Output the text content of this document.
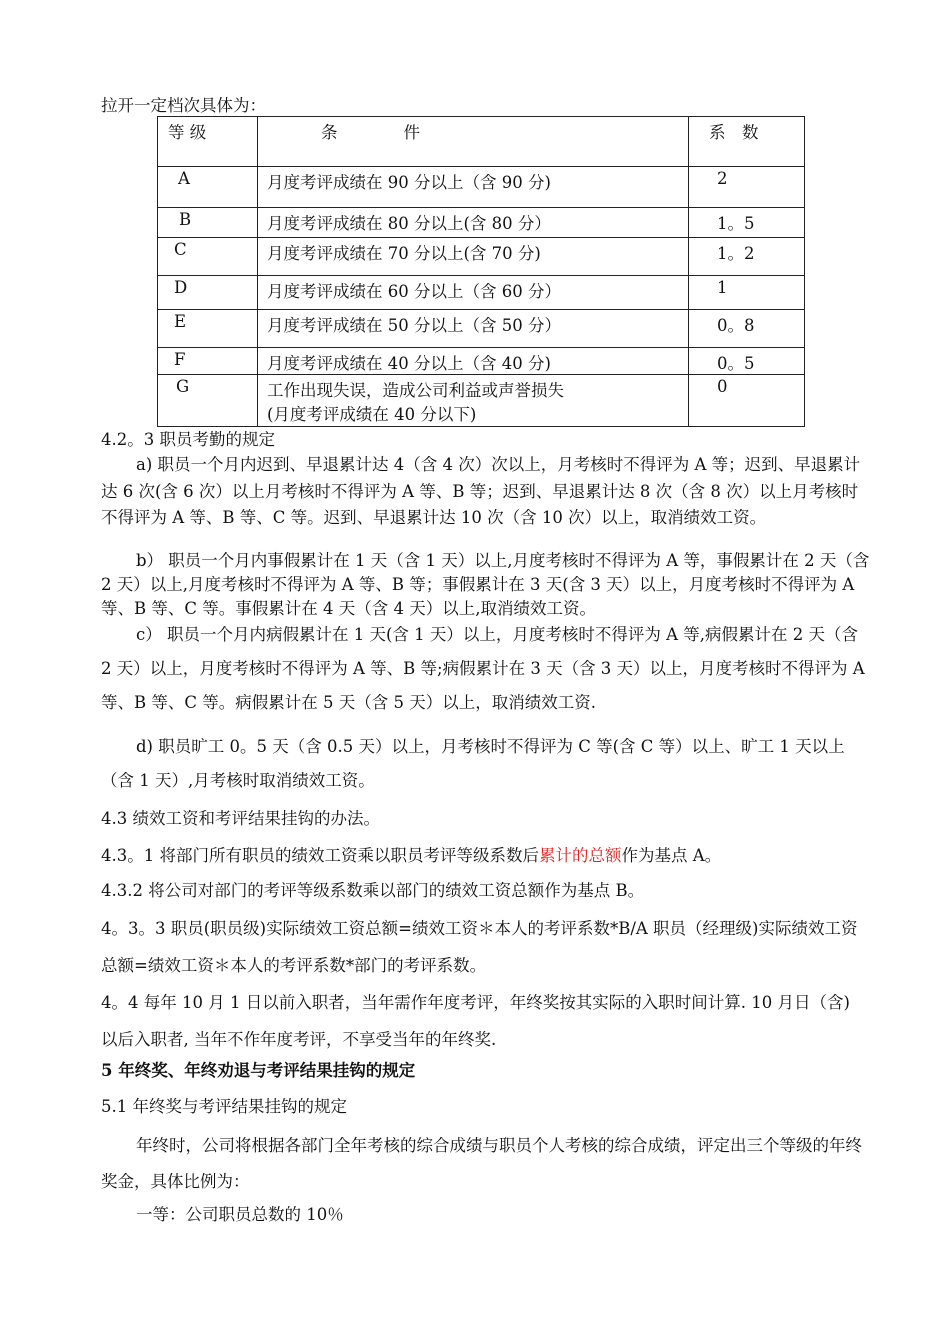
拉开一定档次具体为：
等 级	条　　　　件	系　数

A	月度考评成绩在 90 分以上（含 90 分)	2

B	月度考评成绩在 80 分以上(含 80 分）	1。5

C	月度考评成绩在 70 分以上(含 70 分)	1。2

D	月度考评成绩在 60 分以上（含 60 分）	1

E	月度考评成绩在 50 分以上（含 50 分）	0。8

F	月度考评成绩在 40 分以上（含 40 分)	0。5

G	工作出现失误，造成公司利益或声誉损失
(月度考评成绩在 40 分以下)	0
4.2。3 职员考勤的规定
a) 职员一个月内迟到、早退累计达 4（含 4 次）次以上，月考核时不得评为 A 等；迟到、早退累计达 6 次(含 6 次）以上月考核时不得评为 A 等、B 等；迟到、早退累计达 8 次（含 8 次）以上月考核时不得评为 A 等、B 等、C 等。迟到、早退累计达 10 次（含 10 次）以上，取消绩效工资。
b） 职员一个月内事假累计在 1 天（含 1 天）以上,月度考核时不得评为 A 等，事假累计在 2 天（含 2 天）以上,月度考核时不得评为 A 等、B 等；事假累计在 3 天(含 3 天）以上，月度考核时不得评为 A 等、B 等、C 等。事假累计在 4 天（含 4 天）以上,取消绩效工资。
c） 职员一个月内病假累计在 1 天(含 1 天）以上，月度考核时不得评为 A 等,病假累计在 2 天（含 2 天）以上，月度考核时不得评为 A 等、B 等;病假累计在 3 天（含 3 天）以上，月度考核时不得评为 A 等、B 等、C 等。病假累计在 5 天（含 5 天）以上，取消绩效工资.
d) 职员旷工 0。5 天（含 0.5 天）以上，月考核时不得评为 C 等(含 C 等）以上、旷工 1 天以上（含 1 天）,月考核时取消绩效工资。
4.3 绩效工资和考评结果挂钩的办法。
4.3。1 将部门所有职员的绩效工资乘以职员考评等级系数后累计的总额作为基点 A。
4.3.2 将公司对部门的考评等级系数乘以部门的绩效工资总额作为基点 B。
4。3。3 职员(职员级)实际绩效工资总额=绩效工资＊本人的考评系数*B/A 职员（经理级)实际绩效工资总额=绩效工资＊本人的考评系数*部门的考评系数。
4。4 每年 10 月 1 日以前入职者，当年需作年度考评，年终奖按其实际的入职时间计算. 10 月日（含) 以后入职者, 当年不作年度考评，不享受当年的年终奖.
5 年终奖、年终劝退与考评结果挂钩的规定
5.1 年终奖与考评结果挂钩的规定
年终时，公司将根据各部门全年考核的综合成绩与职员个人考核的综合成绩，评定出三个等级的年终奖金，具体比例为：
一等：公司职员总数的 10％
